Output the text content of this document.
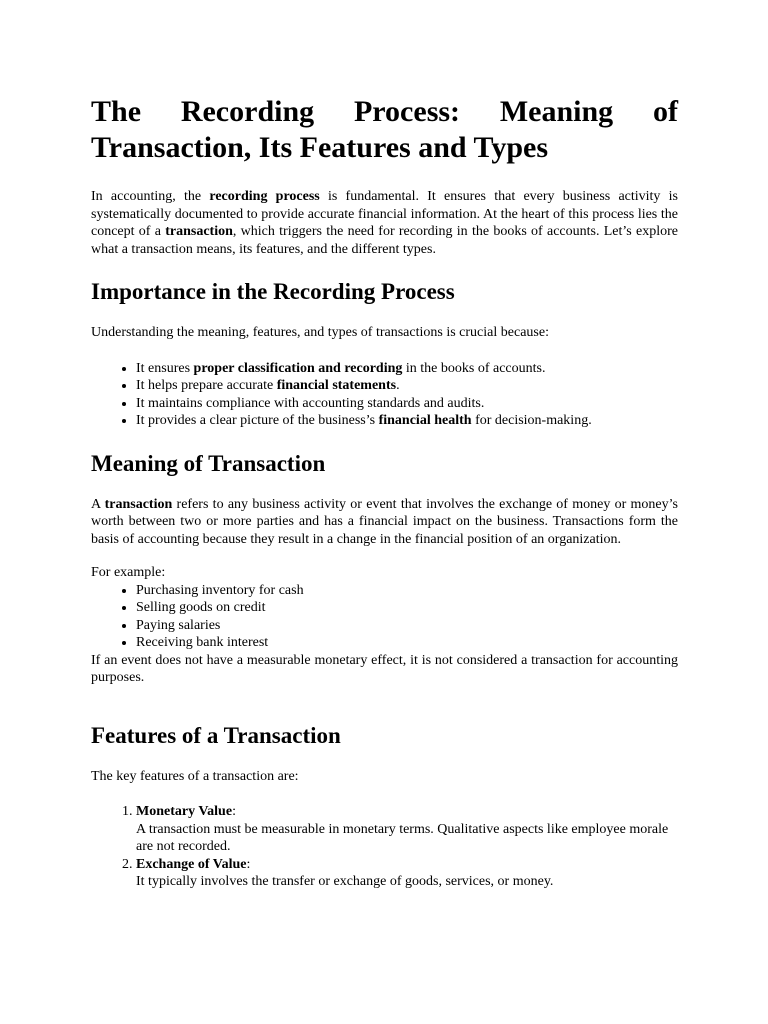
The Recording Process: Meaning of
Transaction, Its Features and Types

In accounting, the recording process is fundamental. It ensures that every business activity is systematically documented to provide accurate financial information. At the heart of this process lies the concept of a transaction, which triggers the need for recording in the books of accounts. Let’s explore what a transaction means, its features, and the different types.

Importance in the Recording Process

Understanding the meaning, features, and types of transactions is crucial because:

• It ensures proper classification and recording in the books of accounts.
• It helps prepare accurate financial statements.
• It maintains compliance with accounting standards and audits.
• It provides a clear picture of the business’s financial health for decision-making.
Meaning of Transaction

A transaction refers to any business activity or event that involves the exchange of money or money’s worth between two or more parties and has a financial impact on the business. Transactions form the basis of accounting because they result in a change in the financial position of an organization.

For example:

• Purchasing inventory for cash
• Selling goods on credit
• Paying salaries
• Receiving bank interest

If an event does not have a measurable monetary effect, it is not considered a transaction for accounting purposes.

Features of a Transaction

The key features of a transaction are:

1. Monetary Value:
A transaction must be measurable in monetary terms. Qualitative aspects like employee morale are not recorded.
2. Exchange of Value:
It typically involves the transfer or exchange of goods, services, or money.
